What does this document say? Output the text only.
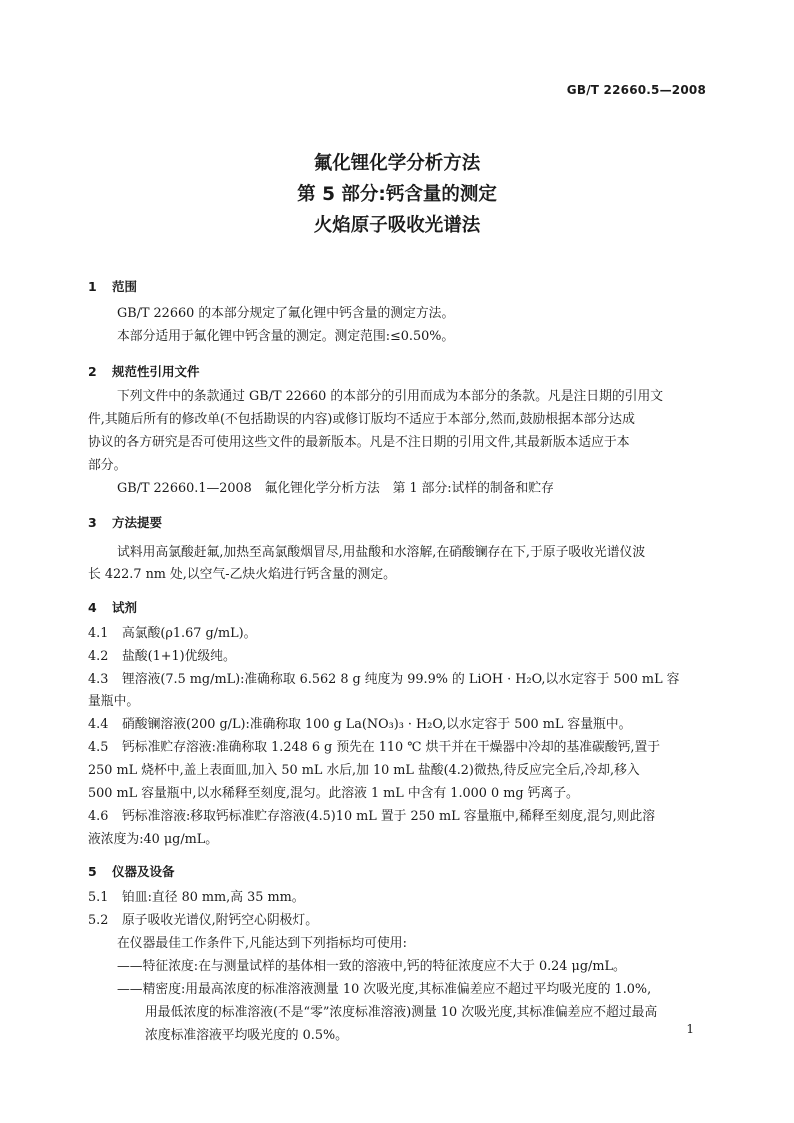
GB/T 22660.5—2008
氟化锂化学分析方法
第 5 部分:钙含量的测定
火焰原子吸收光谱法
1 范围
GB/T 22660 的本部分规定了氟化锂中钙含量的测定方法。
本部分适用于氟化锂中钙含量的测定。测定范围:≤0.50%。
2 规范性引用文件
下列文件中的条款通过 GB/T 22660 的本部分的引用而成为本部分的条款。凡是注日期的引用文
件,其随后所有的修改单(不包括勘误的内容)或修订版均不适应于本部分,然而,鼓励根据本部分达成
协议的各方研究是否可使用这些文件的最新版本。凡是不注日期的引用文件,其最新版本适应于本
部分。
GB/T 22660.1—2008　氟化锂化学分析方法　第 1 部分:试样的制备和贮存
3 方法提要
试料用高氯酸赶氟,加热至高氯酸烟冒尽,用盐酸和水溶解,在硝酸镧存在下,于原子吸收光谱仪波
长 422.7 nm 处,以空气-乙炔火焰进行钙含量的测定。
4 试剂
4.1 高氯酸(ρ1.67 g/mL)。
4.2 盐酸(1+1)优级纯。
4.3 锂溶液(7.5 mg/mL):准确称取 6.562 8 g 纯度为 99.9% 的 LiOH · H₂O,以水定容于 500 mL 容
量瓶中。
4.4 硝酸镧溶液(200 g/L):准确称取 100 g La(NO₃)₃ · H₂O,以水定容于 500 mL 容量瓶中。
4.5 钙标准贮存溶液:准确称取 1.248 6 g 预先在 110 ℃ 烘干并在干燥器中冷却的基准碳酸钙,置于
250 mL 烧杯中,盖上表面皿,加入 50 mL 水后,加 10 mL 盐酸(4.2)微热,待反应完全后,冷却,移入
500 mL 容量瓶中,以水稀释至刻度,混匀。此溶液 1 mL 中含有 1.000 0 mg 钙离子。
4.6 钙标准溶液:移取钙标准贮存溶液(4.5)10 mL 置于 250 mL 容量瓶中,稀释至刻度,混匀,则此溶
液浓度为:40 μg/mL。
5 仪器及设备
5.1 铂皿:直径 80 mm,高 35 mm。
5.2 原子吸收光谱仪,附钙空心阴极灯。
在仪器最佳工作条件下,凡能达到下列指标均可使用:
——特征浓度:在与测量试样的基体相一致的溶液中,钙的特征浓度应不大于 0.24 μg/mL。
——精密度:用最高浓度的标准溶液测量 10 次吸光度,其标准偏差应不超过平均吸光度的 1.0%,
用最低浓度的标准溶液(不是“零”浓度标准溶液)测量 10 次吸光度,其标准偏差应不超过最高
浓度标准溶液平均吸光度的 0.5%。	1
